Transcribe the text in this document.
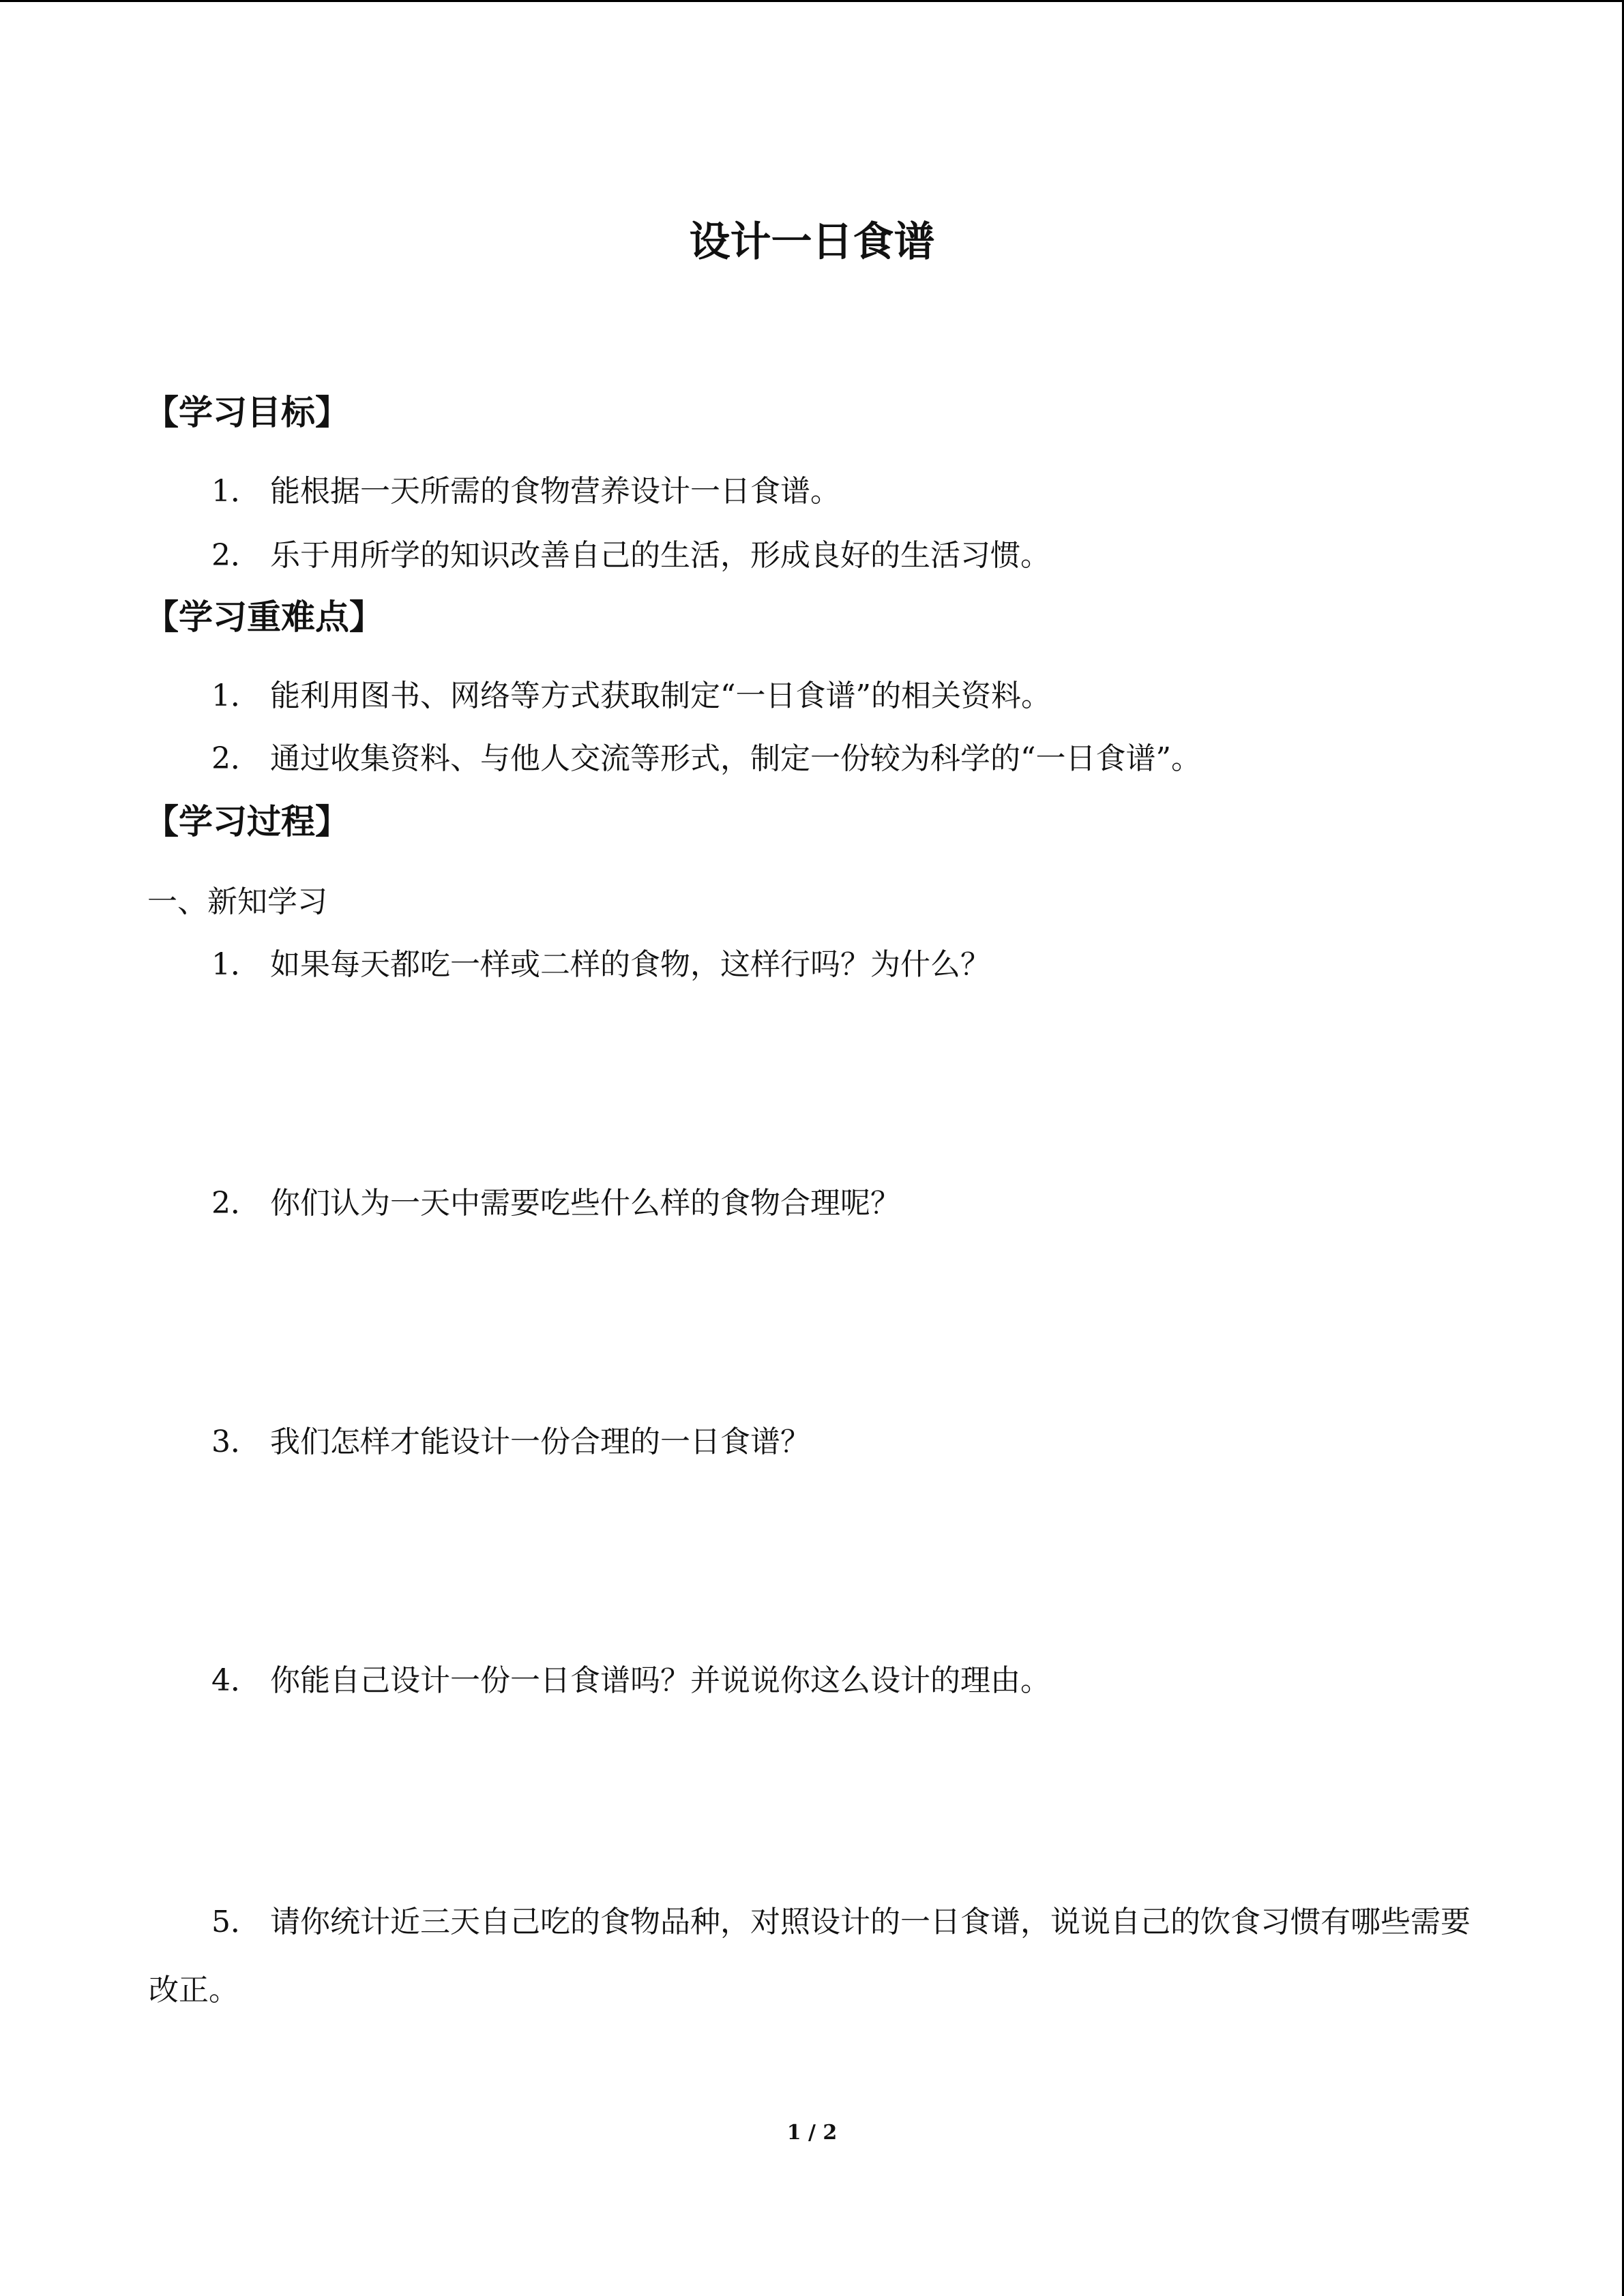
设计一日食谱
【学习目标】
1． 能根据一天所需的食物营养设计一日食谱。
2． 乐于用所学的知识改善自己的生活，形成良好的生活习惯。
【学习重难点】
1． 能利用图书、网络等方式获取制定“一日食谱”的相关资料。
2． 通过收集资料、与他人交流等形式，制定一份较为科学的“一日食谱”。
【学习过程】
一、新知学习
1． 如果每天都吃一样或二样的食物，这样行吗？为什么？
2． 你们认为一天中需要吃些什么样的食物合理呢？
3． 我们怎样才能设计一份合理的一日食谱？
4． 你能自己设计一份一日食谱吗？并说说你这么设计的理由。
5． 请你统计近三天自己吃的食物品种，对照设计的一日食谱，说说自己的饮食习惯有哪些需要改正。
1 / 2
